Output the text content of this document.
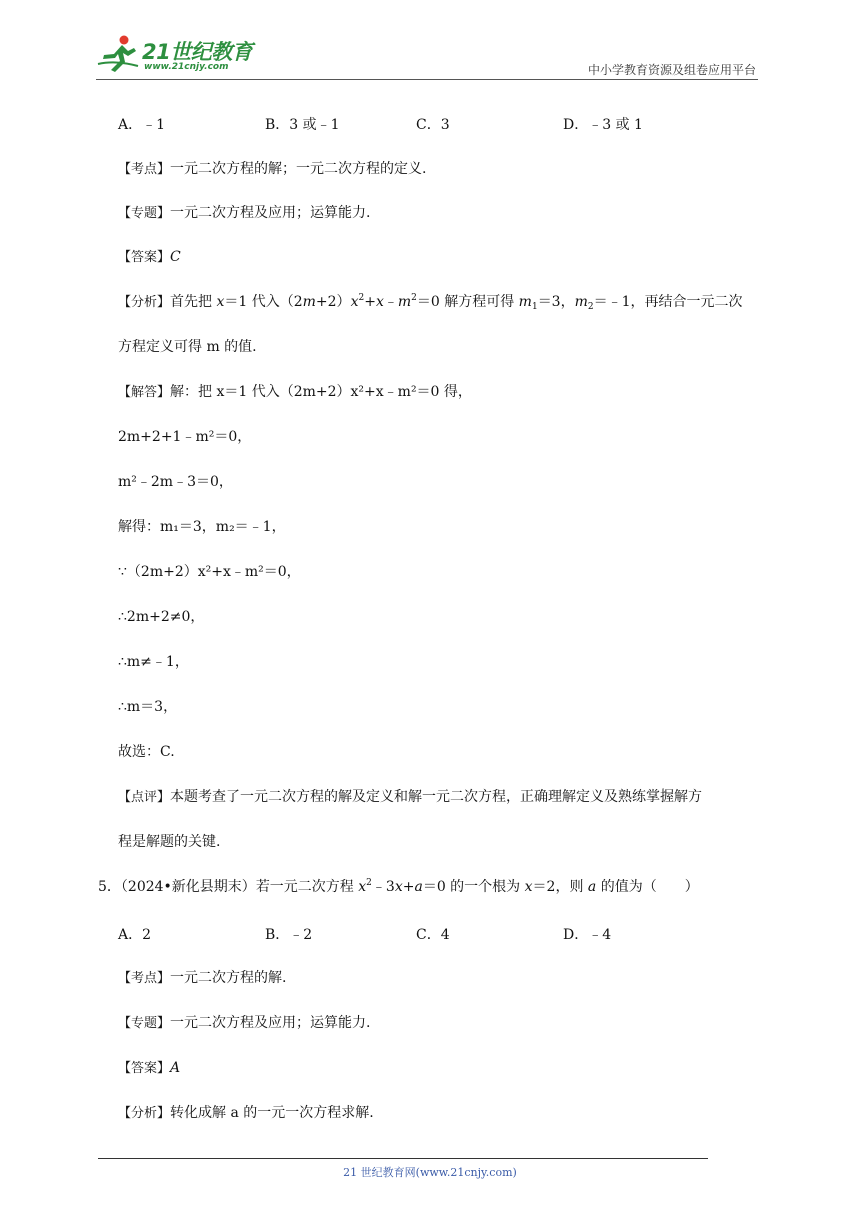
21世纪教育
www.21cnjy.com	中小学教育资源及组卷应用平台
A．﹣1	B．3 或﹣1	C．3	D．﹣3 或 1
【考点】一元二次方程的解；一元二次方程的定义.
【专题】一元二次方程及应用；运算能力.
【答案】C
【分析】首先把 x＝1 代入$(2m+2)x^2+x﹣m^2=0$ 解方程可得 $m_1=3$，$m_2=﹣1$，再结合一元二次
方程定义可得 m 的值.
【解答】解：把 x＝1 代入（2m+2）x²+x﹣m²＝0 得，
2m+2+1﹣m²＝0，
m²﹣2m﹣3＝0，
解得：m₁＝3，m₂＝﹣1，
∵（2m+2）x²+x﹣m²＝0，
∴2m+2≠0，
∴m≠﹣1，
∴m＝3，
故选：C.
【点评】本题考查了一元二次方程的解及定义和解一元二次方程，正确理解定义及熟练掌握解方
程是解题的关键.
5．（2024•新化县期末）若一元二次方程 $x^2﹣3x+a=0$ 的一个根为 x＝2，则 a 的值为（　　）
A．2	B．﹣2	C．4	D．﹣4
【考点】一元二次方程的解.
【专题】一元二次方程及应用；运算能力.
【答案】A
【分析】转化成解 a 的一元一次方程求解.
21 世纪教育网(www.21cnjy.com)
